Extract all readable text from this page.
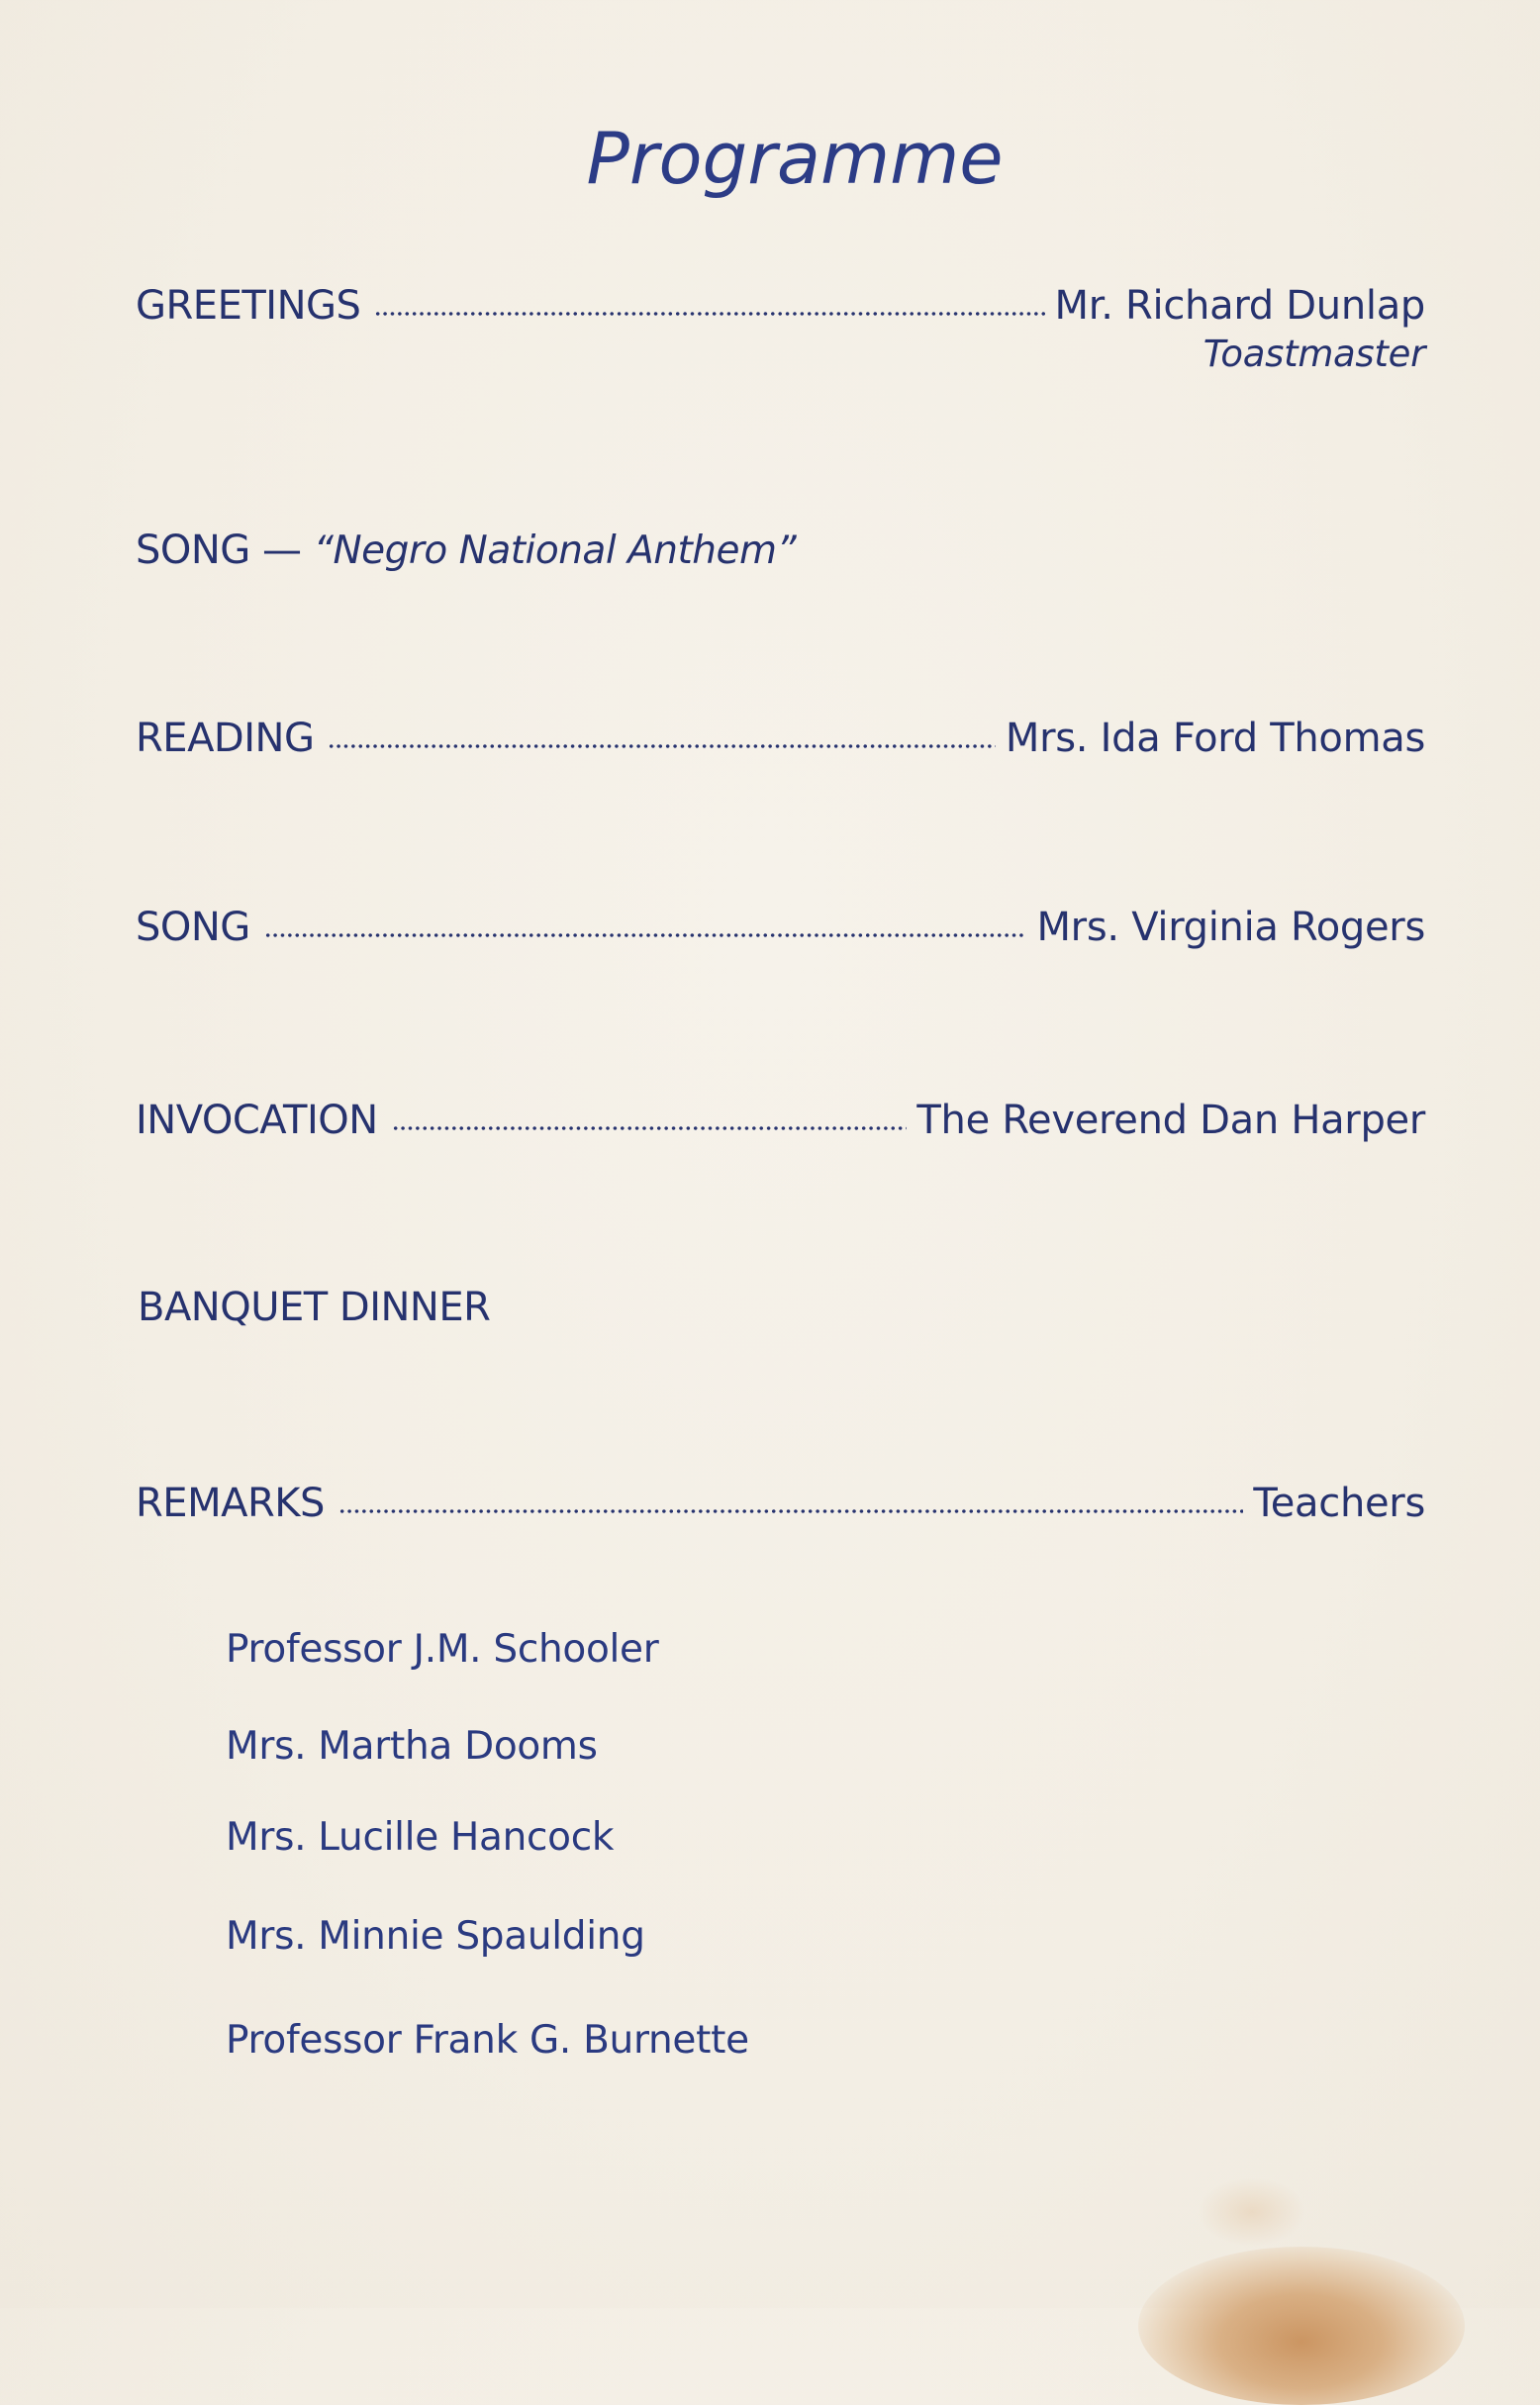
Programme
GREETINGS	Mr. Richard Dunlap
Toastmaster
SONG — “Negro National Anthem”
READING	Mrs. Ida Ford Thomas
SONG	Mrs. Virginia Rogers
INVOCATION	The Reverend Dan Harper
BANQUET DINNER
REMARKS	Teachers
Professor J.M. Schooler
Mrs. Martha Dooms
Mrs. Lucille Hancock
Mrs. Minnie Spaulding
Professor Frank G. Burnette
